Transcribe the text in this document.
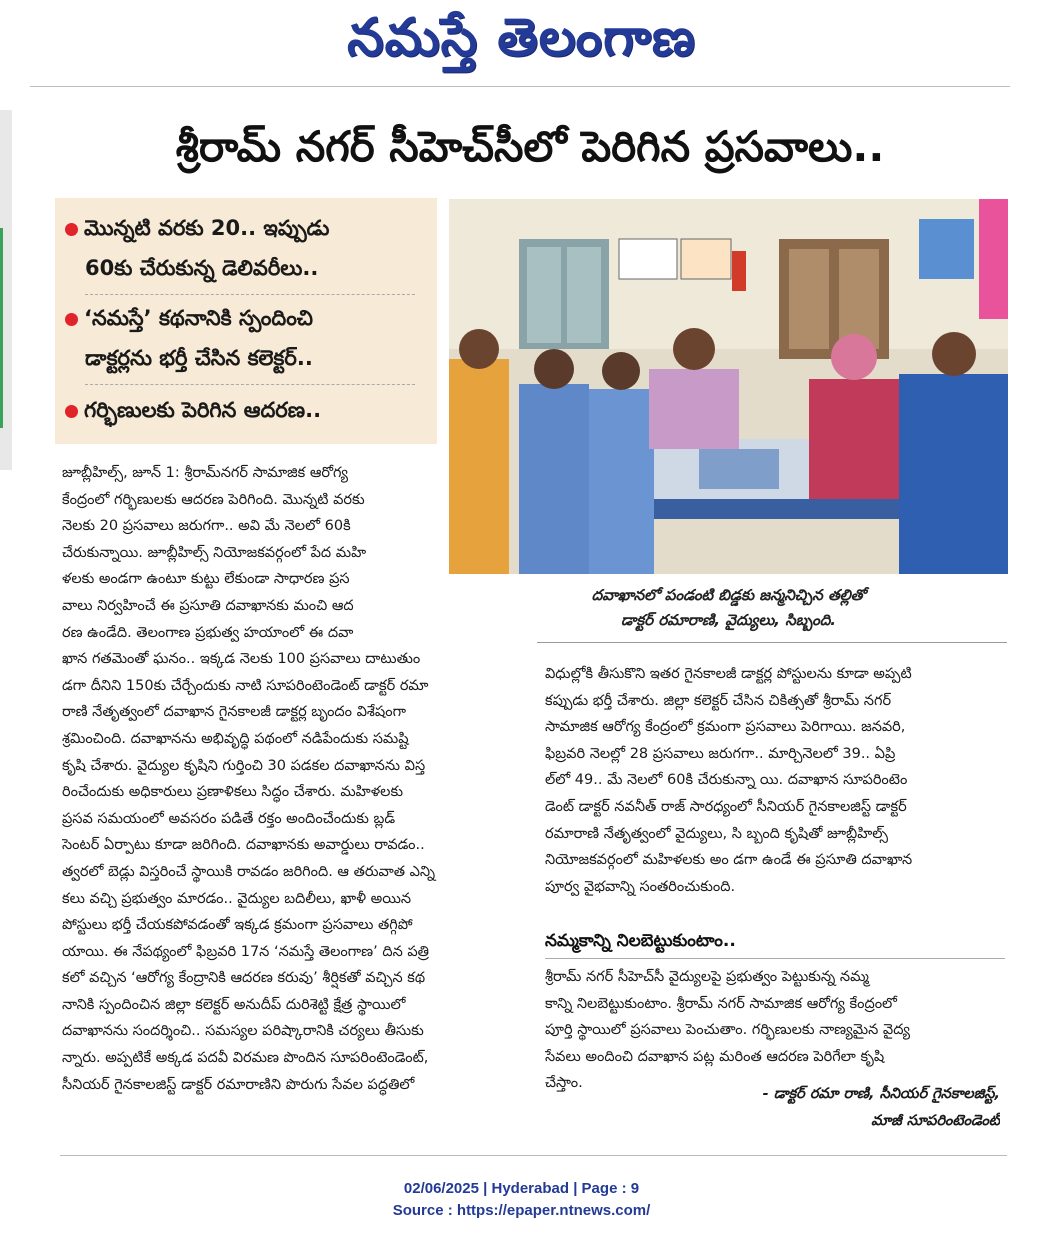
నమస్తే తెలంగాణ
శ్రీరామ్ నగర్ సీహెచ్‌సీలో పెరిగిన ప్రసవాలు..
మొన్నటి వరకు 20.. ఇప్పుడు
60కు చేరుకున్న డెలివరీలు..
‘నమస్తే’ కథనానికి స్పందించి
డాక్టర్లను భర్తీ చేసిన కలెక్టర్..
గర్భిణులకు పెరిగిన ఆదరణ..
దవాఖానలో పండంటి బిడ్డకు జన్మనిచ్చిన తల్లితో
డాక్టర్ రమారాణి, వైద్యులు, సిబ్బంది.
జూబ్లీహిల్స్, జూన్ 1: శ్రీరామ్‌నగర్ సామాజిక ఆరోగ్య
కేంద్రంలో గర్భిణులకు ఆదరణ పెరిగింది. మొన్నటి వరకు
నెలకు 20 ప్రసవాలు జరుగగా.. అవి మే నెలలో 60కి
చేరుకున్నాయి. జూబ్లీహిల్స్ నియోజకవర్గంలో పేద మహి
ళలకు అండగా ఉంటూ కుట్టు లేకుండా సాధారణ ప్రస
వాలు నిర్వహించే ఈ ప్రసూతి దవాఖానకు మంచి ఆద
రణ ఉండేది. తెలంగాణ ప్రభుత్వ హయాంలో ఈ దవా
ఖాన గతమెంతో ఘనం.. ఇక్కడ నెలకు 100 ప్రసవాలు దాటుతుం
డగా దీనిని 150కు చేర్చేందుకు నాటి సూపరింటెండెంట్ డాక్టర్ రమా
రాణి నేతృత్వంలో దవాఖాన గైనకాలజీ డాక్టర్ల బృందం విశేషంగా
శ్రమించింది. దవాఖానను అభివృద్ధి పథంలో నడిపేందుకు సమష్టి
కృషి చేశారు. వైద్యుల కృషిని గుర్తించి 30 పడకల దవాఖానను విస్త
రించేందుకు అధికారులు ప్రణాళికలు సిద్ధం చేశారు. మహిళలకు
ప్రసవ సమయంలో అవసరం పడితే రక్తం అందించేందుకు బ్లడ్
సెంటర్ ఏర్పాటు కూడా జరిగింది. దవాఖానకు అవార్డులు రావడం..
త్వరలో బెడ్లు విస్తరించే స్థాయికి రావడం జరిగింది. ఆ తరువాత ఎన్ని
కలు వచ్చి ప్రభుత్వం మారడం.. వైద్యుల బదిలీలు, ఖాళీ అయిన
పోస్టులు భర్తీ చేయకపోవడంతో ఇక్కడ క్రమంగా ప్రసవాలు తగ్గిపో
యాయి. ఈ నేపథ్యంలో ఫిబ్రవరి 17న ‘నమస్తే తెలంగాణ’ దిన పత్రి
కలో వచ్చిన ‘ఆరోగ్య కేంద్రానికి ఆదరణ కరువు’ శీర్షికతో వచ్చిన కథ
నానికి స్పందించిన జిల్లా కలెక్టర్ అనుదీప్ దురిశెట్టి క్షేత్ర స్థాయిలో
దవాఖానను సందర్శించి.. సమస్యల పరిష్కారానికి చర్యలు తీసుకు
న్నారు. అప్పటికే అక్కడ పదవీ విరమణ పొందిన సూపరింటెండెంట్,
సీనియర్ గైనకాలజిస్ట్ డాక్టర్ రమారాణిని పొరుగు సేవల పద్ధతిలో
విధుల్లోకి తీసుకొని ఇతర గైనకాలజీ డాక్టర్ల పోస్టులను కూడా అప్పటి
కప్పుడు భర్తీ చేశారు. జిల్లా కలెక్టర్ చేసిన చికిత్సతో శ్రీరామ్ నగర్
సామాజిక ఆరోగ్య కేంద్రంలో క్రమంగా ప్రసవాలు పెరిగాయి. జనవరి,
ఫిబ్రవరి నెలల్లో 28 ప్రసవాలు జరుగగా.. మార్చినెలలో 39.. ఏప్రి
ల్‌లో 49.. మే నెలలో 60కి చేరుకున్నా యి. దవాఖాన సూపరింటెం
డెంట్ డాక్టర్ నవనీత్ రాజ్ సారధ్యంలో సీనియర్ గైనకాలజిస్ట్ డాక్టర్
రమారాణి నేతృత్వంలో వైద్యులు, సి బ్బంది కృషితో జూబ్లీహిల్స్
నియోజకవర్గంలో మహిళలకు అం డగా ఉండే ఈ ప్రసూతి దవాఖాన
పూర్వ వైభవాన్ని సంతరించుకుంది.
నమ్మకాన్ని నిలబెట్టుకుంటాం..
శ్రీరామ్ నగర్ సీహెచ్‌సీ వైద్యులపై ప్రభుత్వం పెట్టుకున్న నమ్మ
కాన్ని నిలబెట్టుకుంటాం. శ్రీరామ్ నగర్ సామాజిక ఆరోగ్య కేంద్రంలో
పూర్తి స్థాయిలో ప్రసవాలు పెంచుతాం. గర్భిణులకు నాణ్యమైన వైద్య
సేవలు అందించి దవాఖాన పట్ల మరింత ఆదరణ పెరిగేలా కృషి
చేస్తాం.
- డాక్టర్ రమా రాణి, సీనియర్ గైనకాలజిస్ట్,
మాజీ సూపరింటెండెంట్
02/06/2025 | Hyderabad | Page : 9
Source : https://epaper.ntnews.com/
